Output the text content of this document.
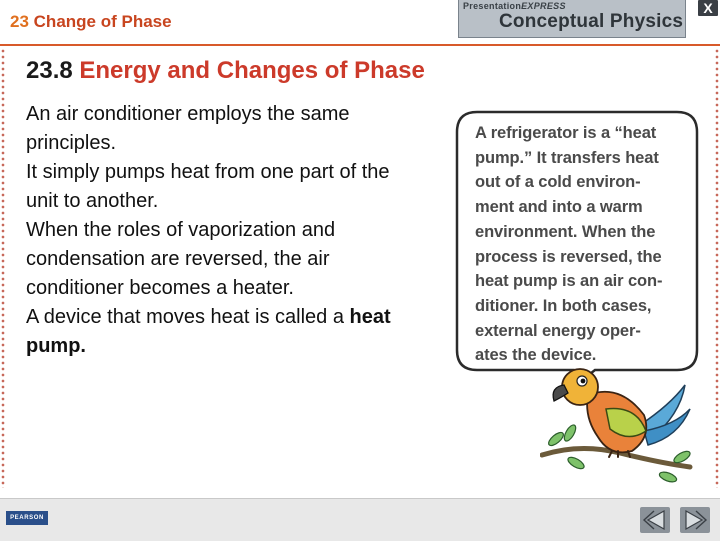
23 Change of Phase
PresentationEXPRESS
Conceptual Physics
X
23.8 Energy and Changes of Phase

An air conditioner employs the same principles.

It simply pumps heat from one part of the unit to another.

When the roles of vaporization and condensation are reversed, the air conditioner becomes a heater.

A device that moves heat is called a heat pump.

A refrigerator is a “heat
pump.” It transfers heat
out of a cold environ-
ment and into a warm
environment. When the
process is reversed, the
heat pump is an air con-
ditioner. In both cases,
external energy oper-
ates the device.
PEARSON
